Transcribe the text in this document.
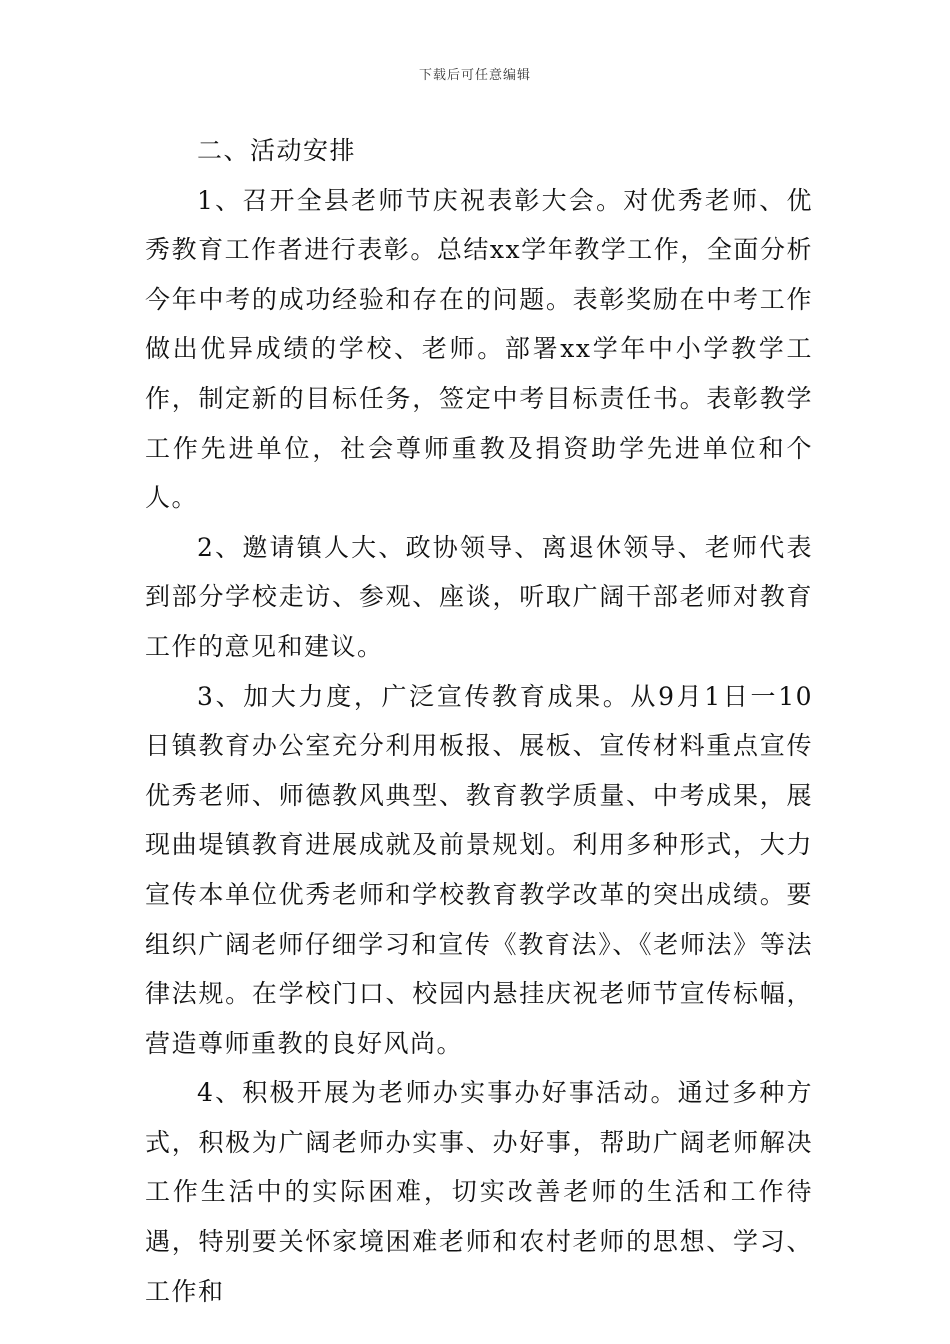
下载后可任意编辑

二、活动安排

1、召开全县老师节庆祝表彰大会。对优秀老师、优秀教育工作者进行表彰。总结xx学年教学工作，全面分析今年中考的成功经验和存在的问题。表彰奖励在中考工作做出优异成绩的学校、老师。部署xx学年中小学教学工作，制定新的目标任务，签定中考目标责任书。表彰教学工作先进单位，社会尊师重教及捐资助学先进单位和个人。

2、邀请镇人大、政协领导、离退休领导、老师代表到部分学校走访、参观、座谈，听取广阔干部老师对教育工作的意见和建议。

3、加大力度，广泛宣传教育成果。从9月1日一10日镇教育办公室充分利用板报、展板、宣传材料重点宣传优秀老师、师德教风典型、教育教学质量、中考成果，展现曲堤镇教育进展成就及前景规划。利用多种形式，大力宣传本单位优秀老师和学校教育教学改革的突出成绩。要组织广阔老师仔细学习和宣传《教育法》、《老师法》等法律法规。在学校门口、校园内悬挂庆祝老师节宣传标幅，营造尊师重教的良好风尚。

4、积极开展为老师办实事办好事活动。通过多种方式，积极为广阔老师办实事、办好事，帮助广阔老师解决工作生活中的实际困难，切实改善老师的生活和工作待遇，特别要关怀家境困难老师和农村老师的思想、学习、工作和
